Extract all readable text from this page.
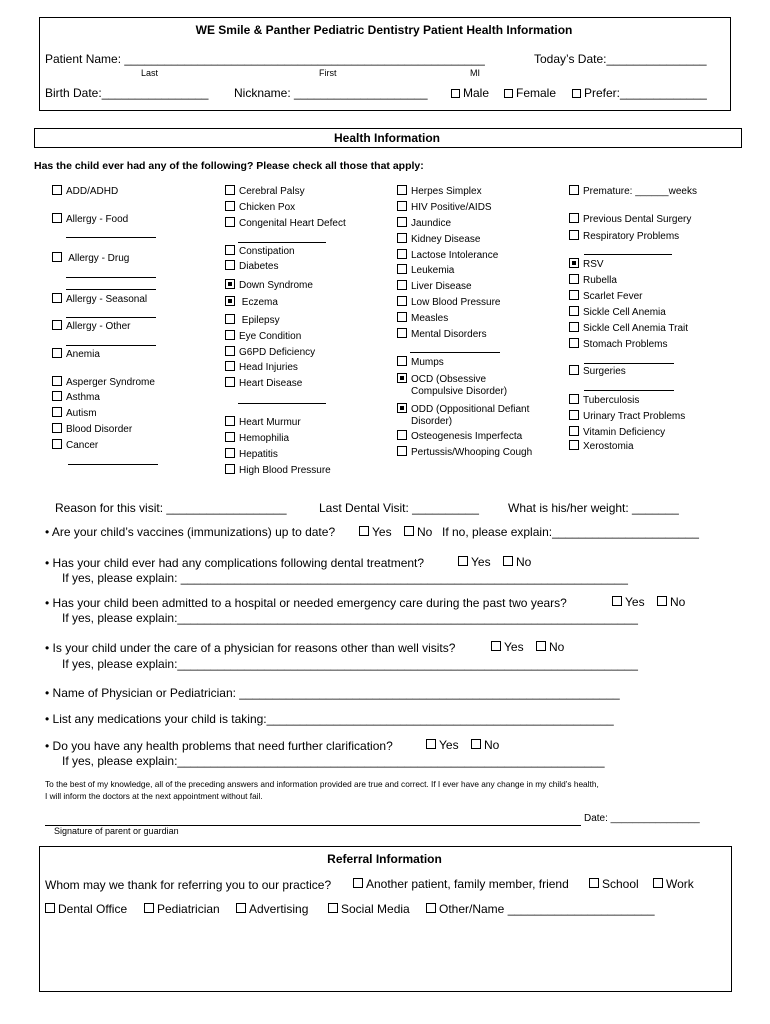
WE Smile & Panther Pediatric Dentistry Patient Health Information
Patient Name: ______________________________________________________	Today’s Date:_______________
Last	First	MI
Birth Date:________________ Nickname: ____________________	Male	Female	Prefer:_____________
Health Information
Has the child ever had any of the following? Please check all those that apply:
ADD/ADHD
Allergy - Food
Allergy - Drug
Allergy - Seasonal
Allergy - Other
Anemia
Asperger Syndrome
Asthma
Autism
Blood Disorder
Cancer
Cerebral Palsy
Chicken Pox
Congenital Heart Defect
Constipation
Diabetes
Down Syndrome
Eczema
Epilepsy
Eye Condition
G6PD Deficiency
Head Injuries
Heart Disease
Heart Murmur
Hemophilia
Hepatitis
High Blood Pressure
Herpes Simplex
HIV Positive/AIDS
Jaundice
Kidney Disease
Lactose Intolerance
Leukemia
Liver Disease
Low Blood Pressure
Measles
Mental Disorders
Mumps
OCD (Obsessive
Compulsive Disorder)
ODD (Oppositional Defiant
Disorder)
Osteogenesis Imperfecta
Pertussis/Whooping Cough
Premature: ______weeks
Previous Dental Surgery
Respiratory Problems
RSV
Rubella
Scarlet Fever
Sickle Cell Anemia
Sickle Cell Anemia Trait
Stomach Problems
Surgeries
Tuberculosis
Urinary Tract Problems
Vitamin Deficiency
Xerostomia
Reason for this visit: __________________	Last Dental Visit: __________ What is his/her weight: _______
• Are your child’s vaccines (immunizations) up to date?	Yes	No If no, please explain:______________________
• Has your child ever had any complications following dental treatment?	Yes	No
If yes, please explain: ___________________________________________________________________
• Has your child been admitted to a hospital or needed emergency care during the past two years?	Yes	No
If yes, please explain:_____________________________________________________________________
• Is your child under the care of a physician for reasons other than well visits?	Yes	No
If yes, please explain:_____________________________________________________________________
• Name of Physician or Pediatrician: _________________________________________________________
• List any medications your child is taking:____________________________________________________
• Do you have any health problems that need further clarification?	Yes	No
If yes, please explain:________________________________________________________________
To the best of my knowledge, all of the preceding answers and information provided are true and correct. If I ever have any change in my child’s health,
I will inform the doctors at the next appointment without fail.
Date: ________________
Signature of parent or guardian
Referral Information
Whom may we thank for referring you to our practice?	Another patient, family member, friend	School	Work
Dental Office	Pediatrician	Advertising	Social Media	Other/Name ______________________
